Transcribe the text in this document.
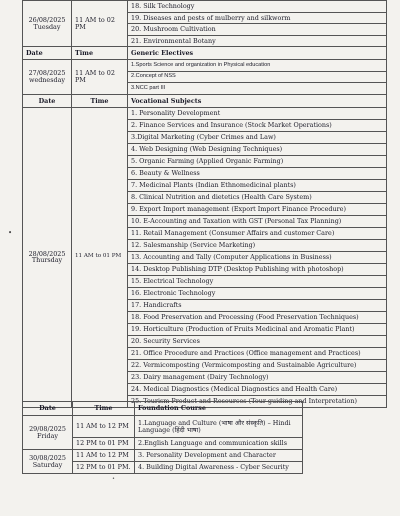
26/08/2025
Tuesday	11 AM to 02 PM	18. Silk Technology
		19. Diseases and pests of mulberry and silkworm
		20. Mushroom Cultivation
		21. Environmental Botany
Date	Time	Generic Electives
27/08/2025
wednesday	11 AM to 02 PM	1.Sports Science and organization in Physical education
		2.Concept of NSS
		3.NCC part III
Date	Time	Vocational Subjects
28/08/2025
Thursday	11 AM to 01 PM	1. Personality Development
		2. Finance Services and Insurance (Stock Market Operations)
		3.Digital Marketing (Cyber Crimes and Law)
		4. Web Designing (Web Designing Techniques)
		5. Organic Farming (Applied Organic Farming)
		6. Beauty & Wellness
		7. Medicinal Plants (Indian Ethnomedicinal plants)
		8. Clinical Nutrition and dietetics (Health Care System)
		9. Export Import management (Export Import Finance Procedure)
		10. E-Accounting and Taxation with GST (Personal Tax Planning)
		11. Retail Management (Consumer Affairs and customer Care)
		12. Salesmanship (Service Marketing)
		13. Accounting and Tally (Computer Applications in Business)
		14. Desktop Publishing DTP (Desktop Publishing with photoshop)
		15. Electrical Technology
		16. Electronic Technology
		17. Handicrafts
		18. Food Preservation and Processing (Food Preservation Techniques)
		19. Horticulture (Production of Fruits Medicinal and Aromatic Plant)
		20. Security Services
		21. Office Procedure and Practices (Office management and Practices)
		22. Vermicomposting (Vermicomposting and Sustainable Agriculture)
		23. Dairy management (Dairy Technology)
		24. Medical Diagnostics (Medical Diagnostics and Health Care)
		25. Tourism Product and Resources (Tour guiding and Interpretation)
Date	Time	Foundation Course
29/08/2025
Friday	11 AM to 12 PM	1.Language and Culture (भाषा और संस्कृति) – Hindi Language (हिंदी भाषा)
	12 PM to 01 PM	2.English Language and communication skills
30/08/2025
Saturday	11 AM to 12 PM	3. Personality Development and Character
	12 PM to 01 PM.	4. Building Digital Awareness - Cyber Security
•
•
